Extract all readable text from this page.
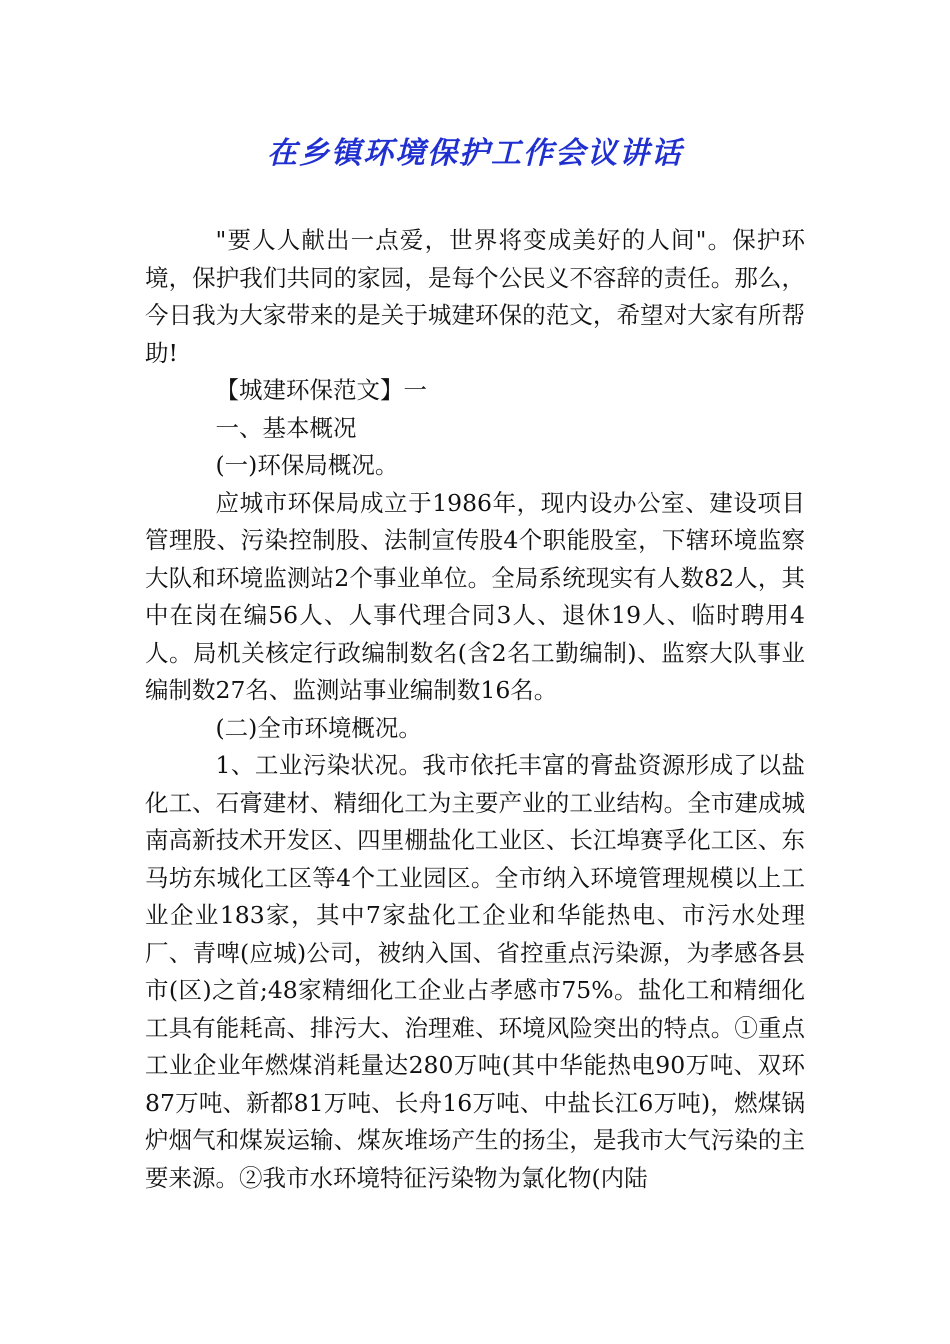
在乡镇环境保护工作会议讲话

"要人人献出一点爱，世界将变成美好的人间"。保护环境，保护我们共同的家园，是每个公民义不容辞的责任。那么，今日我为大家带来的是关于城建环保的范文，希望对大家有所帮助!

【城建环保范文】一

一、基本概况

(一)环保局概况。

应城市环保局成立于1986年，现内设办公室、建设项目管理股、污染控制股、法制宣传股4个职能股室，下辖环境监察大队和环境监测站2个事业单位。全局系统现实有人数82人，其中在岗在编56人、人事代理合同3人、退休19人、临时聘用4人。局机关核定行政编制数名(含2名工勤编制)、监察大队事业编制数27名、监测站事业编制数16名。

(二)全市环境概况。

1、工业污染状况。我市依托丰富的膏盐资源形成了以盐化工、石膏建材、精细化工为主要产业的工业结构。全市建成城南高新技术开发区、四里棚盐化工业区、长江埠赛孚化工区、东马坊东城化工区等4个工业园区。全市纳入环境管理规模以上工业企业183家，其中7家盐化工企业和华能热电、市污水处理厂、青啤(应城)公司，被纳入国、省控重点污染源，为孝感各县市(区)之首;48家精细化工企业占孝感市75%。盐化工和精细化工具有能耗高、排污大、治理难、环境风险突出的特点。①重点工业企业年燃煤消耗量达280万吨(其中华能热电90万吨、双环87万吨、新都81万吨、长舟16万吨、中盐长江6万吨)，燃煤锅炉烟气和煤炭运输、煤灰堆场产生的扬尘，是我市大气污染的主要来源。②我市水环境特征污染物为氯化物(内陆
